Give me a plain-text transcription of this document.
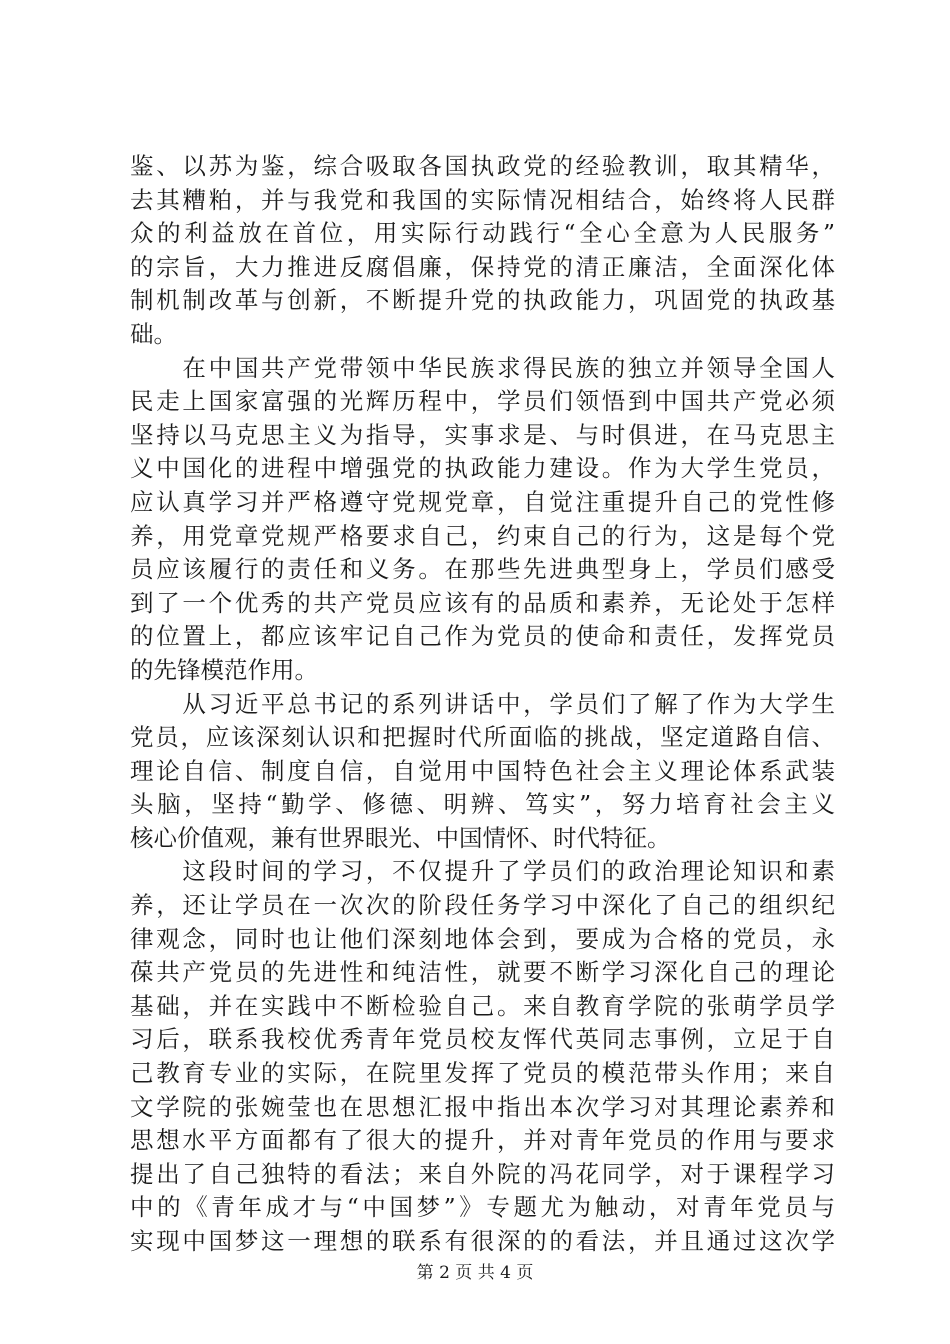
鉴、以苏为鉴，综合吸取各国执政党的经验教训，取其精华，
去其糟粕，并与我党和我国的实际情况相结合，始终将人民群
众的利益放在首位，用实际行动践行“全心全意为人民服务”
的宗旨，大力推进反腐倡廉，保持党的清正廉洁，全面深化体
制机制改革与创新，不断提升党的执政能力，巩固党的执政基
础。
　　在中国共产党带领中华民族求得民族的独立并领导全国人
民走上国家富强的光辉历程中，学员们领悟到中国共产党必须
坚持以马克思主义为指导，实事求是、与时俱进，在马克思主
义中国化的进程中增强党的执政能力建设。作为大学生党员，
应认真学习并严格遵守党规党章，自觉注重提升自己的党性修
养，用党章党规严格要求自己，约束自己的行为，这是每个党
员应该履行的责任和义务。在那些先进典型身上，学员们感受
到了一个优秀的共产党员应该有的品质和素养，无论处于怎样
的位置上，都应该牢记自己作为党员的使命和责任，发挥党员
的先锋模范作用。
　　从习近平总书记的系列讲话中，学员们了解了作为大学生
党员，应该深刻认识和把握时代所面临的挑战，坚定道路自信、
理论自信、制度自信，自觉用中国特色社会主义理论体系武装
头脑，坚持“勤学、修德、明辨、笃实”，努力培育社会主义
核心价值观，兼有世界眼光、中国情怀、时代特征。
　　这段时间的学习，不仅提升了学员们的政治理论知识和素
养，还让学员在一次次的阶段任务学习中深化了自己的组织纪
律观念，同时也让他们深刻地体会到，要成为合格的党员，永
葆共产党员的先进性和纯洁性，就要不断学习深化自己的理论
基础，并在实践中不断检验自己。来自教育学院的张萌学员学
习后，联系我校优秀青年党员校友恽代英同志事例，立足于自
己教育专业的实际，在院里发挥了党员的模范带头作用；来自
文学院的张婉莹也在思想汇报中指出本次学习对其理论素养和
思想水平方面都有了很大的提升，并对青年党员的作用与要求
提出了自己独特的看法；来自外院的冯花同学，对于课程学习
中的《青年成才与“中国梦”》专题尤为触动，对青年党员与
实现中国梦这一理想的联系有很深的的看法，并且通过这次学
第 2 页 共 4 页
